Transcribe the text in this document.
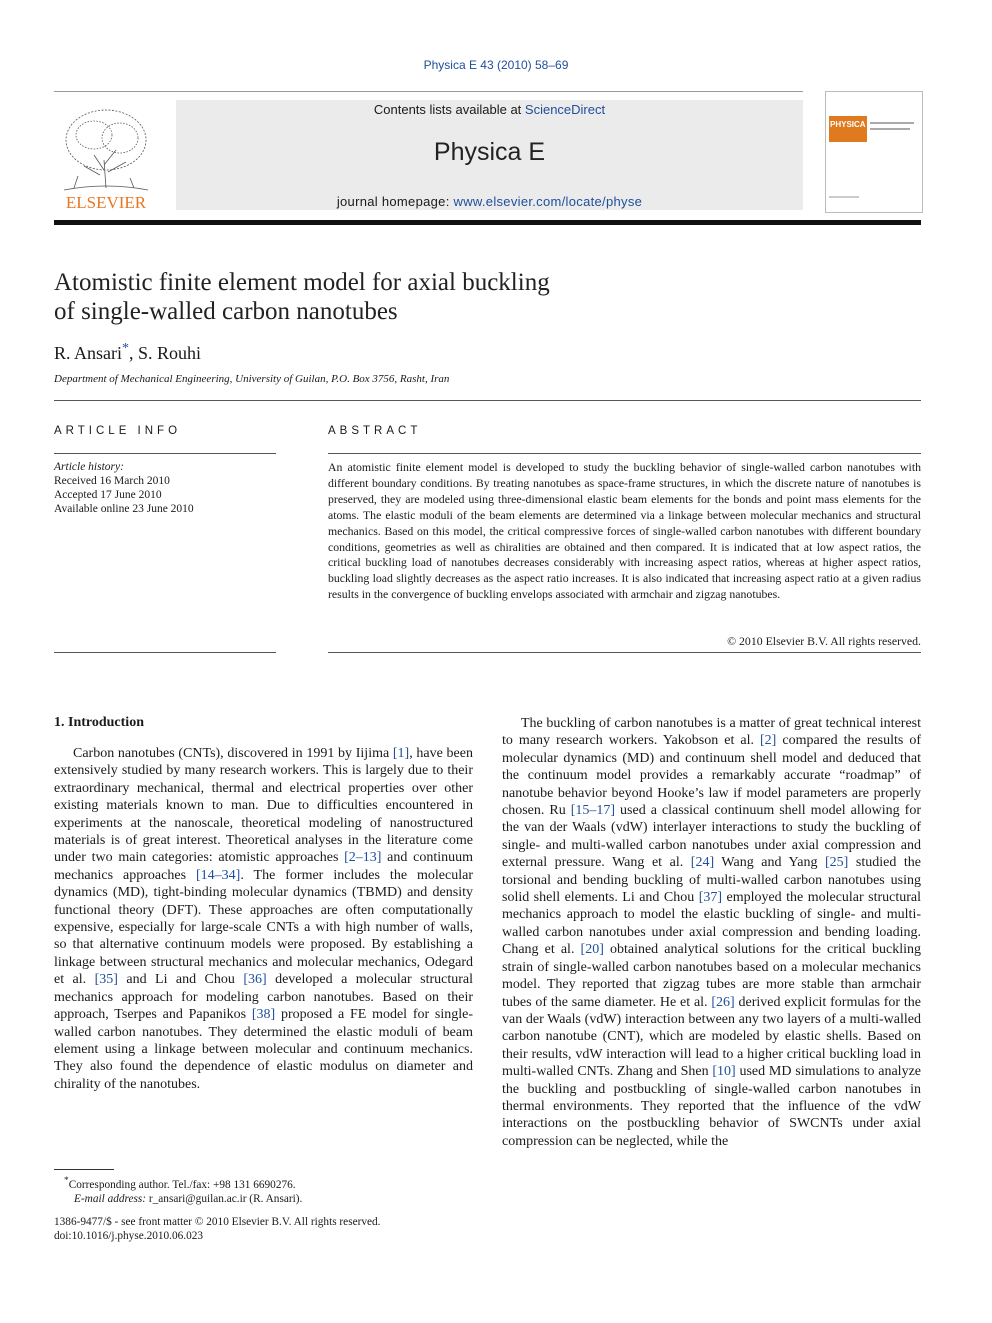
Physica E 43 (2010) 58–69
ELSEVIER
Contents lists available at ScienceDirect
Physica E
journal homepage: www.elsevier.com/locate/physe
PHYSICA
Atomistic finite element model for axial buckling
of single-walled carbon nanotubes
R. Ansari*, S. Rouhi
Department of Mechanical Engineering, University of Guilan, P.O. Box 3756, Rasht, Iran
ARTICLE INFO
Article history:
Received 16 March 2010
Accepted 17 June 2010
Available online 23 June 2010
ABSTRACT
An atomistic finite element model is developed to study the buckling behavior of single-walled carbon nanotubes with different boundary conditions. By treating nanotubes as space-frame structures, in which the discrete nature of nanotubes is preserved, they are modeled using three-dimensional elastic beam elements for the bonds and point mass elements for the atoms. The elastic moduli of the beam elements are determined via a linkage between molecular mechanics and structural mechanics. Based on this model, the critical compressive forces of single-walled carbon nanotubes with different boundary conditions, geometries as well as chiralities are obtained and then compared. It is indicated that at low aspect ratios, the critical buckling load of nanotubes decreases considerably with increasing aspect ratios, whereas at higher aspect ratios, buckling load slightly decreases as the aspect ratio increases. It is also indicated that increasing aspect ratio at a given radius results in the convergence of buckling envelops associated with armchair and zigzag nanotubes.
© 2010 Elsevier B.V. All rights reserved.
1. Introduction

Carbon nanotubes (CNTs), discovered in 1991 by Iijima [1], have been extensively studied by many research workers. This is largely due to their extraordinary mechanical, thermal and electrical properties over other existing materials known to man. Due to difficulties encountered in experiments at the nanoscale, theoretical modeling of nanostructured materials is of great interest. Theoretical analyses in the literature come under two main categories: atomistic approaches [2–13] and continuum mechanics approaches [14–34]. The former includes the molecular dynamics (MD), tight-binding molecular dynamics (TBMD) and density functional theory (DFT). These approaches are often computationally expensive, especially for large-scale CNTs a with high number of walls, so that alternative continuum models were proposed. By establishing a linkage between structural mechanics and molecular mechanics, Odegard et al. [35] and Li and Chou [36] developed a molecular structural mechanics approach for modeling carbon nanotubes. Based on their approach, Tserpes and Papanikos [38] proposed a FE model for single-walled carbon nanotubes. They determined the elastic moduli of beam element using a linkage between molecular and continuum mechanics. They also found the dependence of elastic modulus on diameter and chirality of the nanotubes.

The buckling of carbon nanotubes is a matter of great technical interest to many research workers. Yakobson et al. [2] compared the results of molecular dynamics (MD) and continuum shell model and deduced that the continuum model provides a remarkably accurate “roadmap” of nanotube behavior beyond Hooke’s law if model parameters are properly chosen. Ru [15–17] used a classical continuum shell model allowing for the van der Waals (vdW) interlayer interactions to study the buckling of single- and multi-walled carbon nanotubes under axial compression and external pressure. Wang et al. [24] Wang and Yang [25] studied the torsional and bending buckling of multi-walled carbon nanotubes using solid shell elements. Li and Chou [37] employed the molecular structural mechanics approach to model the elastic buckling of single- and multi-walled carbon nanotubes under axial compression and bending loading. Chang et al. [20] obtained analytical solutions for the critical buckling strain of single-walled carbon nanotubes based on a molecular mechanics model. They reported that zigzag tubes are more stable than armchair tubes of the same diameter. He et al. [26] derived explicit formulas for the van der Waals (vdW) interaction between any two layers of a multi-walled carbon nanotube (CNT), which are modeled by elastic shells. Based on their results, vdW interaction will lead to a higher critical buckling load in multi-walled CNTs. Zhang and Shen [10] used MD simulations to analyze the buckling and postbuckling of single-walled carbon nanotubes in thermal environments. They reported that the influence of the vdW interactions on the postbuckling behavior of SWCNTs under axial compression can be neglected, while the

*Corresponding author. Tel./fax: +98 131 6690276.
E-mail address: r_ansari@guilan.ac.ir (R. Ansari).
1386-9477/$ - see front matter © 2010 Elsevier B.V. All rights reserved.
doi:10.1016/j.physe.2010.06.023
